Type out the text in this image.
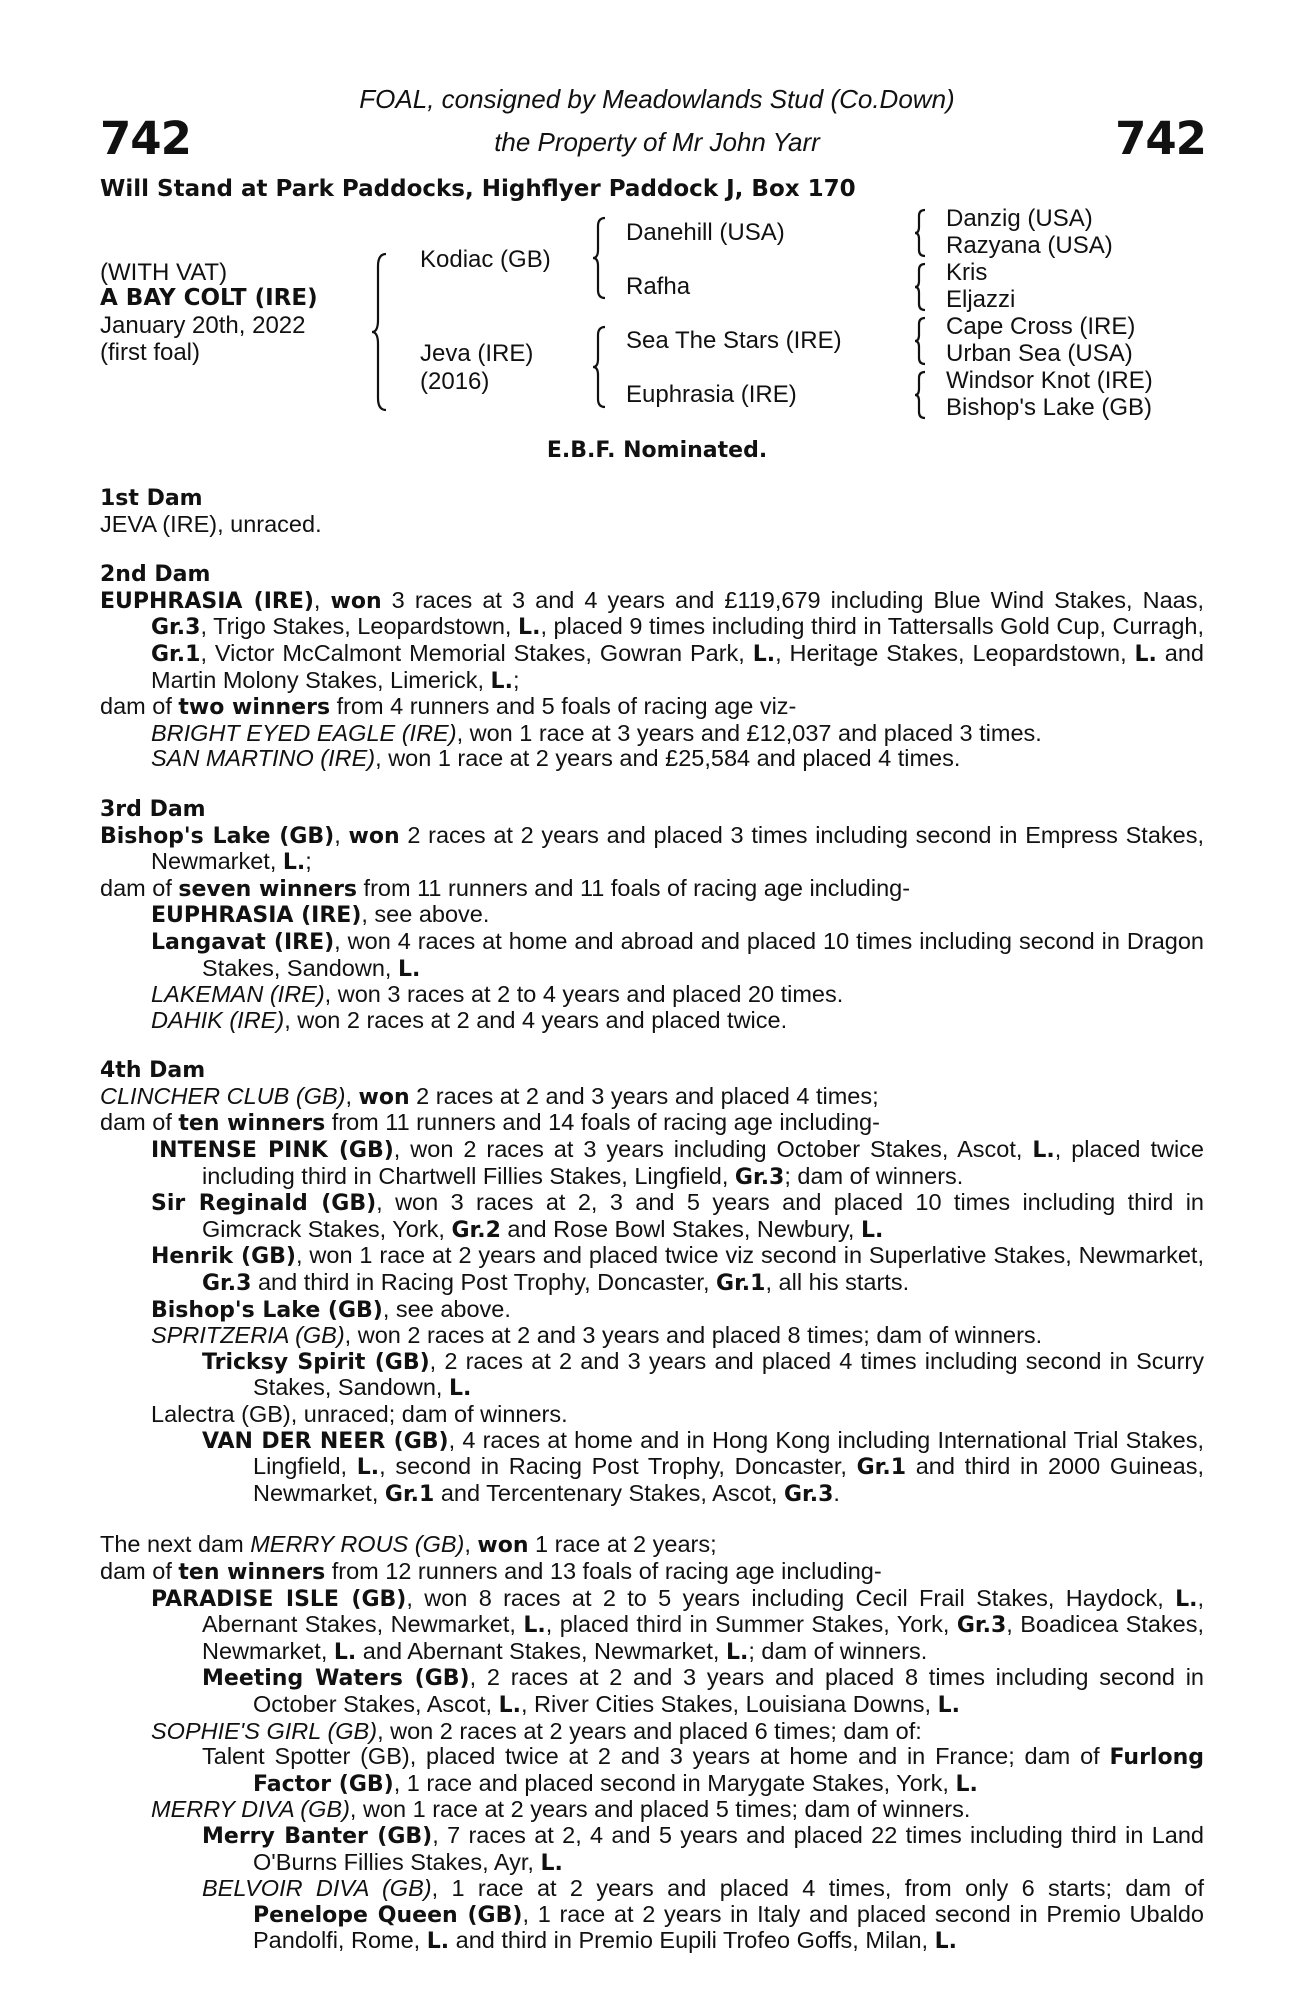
742	742
FOAL, consigned by Meadowlands Stud (Co.Down)
the Property of Mr John Yarr
Will Stand at Park Paddocks, Highflyer Paddock J, Box 170
(WITH VAT)
A BAY COLT (IRE)
January 20th, 2022
(first foal)
Kodiac (GB)
Jeva (IRE)
(2016)
Danehill (USA)
Rafha
Sea The Stars (IRE)
Euphrasia (IRE)
Danzig (USA)
Razyana (USA)
Kris
Eljazzi
Cape Cross (IRE)
Urban Sea (USA)
Windsor Knot (IRE)
Bishop's Lake (GB)
E.B.F. Nominated.

1st Dam

JEVA (IRE), unraced.

2nd Dam

EUPHRASIA (IRE), won 3 races at 3 and 4 years and £119,679 including Blue Wind Stakes, Naas, Gr.3, Trigo Stakes, Leopardstown, L., placed 9 times including third in Tattersalls Gold Cup, Curragh, Gr.1, Victor McCalmont Memorial Stakes, Gowran Park, L., Heritage Stakes, Leopardstown, L. and Martin Molony Stakes, Limerick, L.;

dam of two winners from 4 runners and 5 foals of racing age viz-

BRIGHT EYED EAGLE (IRE), won 1 race at 3 years and £12,037 and placed 3 times.

SAN MARTINO (IRE), won 1 race at 2 years and £25,584 and placed 4 times.

3rd Dam

Bishop's Lake (GB), won 2 races at 2 years and placed 3 times including second in Empress Stakes, Newmarket, L.;

dam of seven winners from 11 runners and 11 foals of racing age including-

EUPHRASIA (IRE), see above.

Langavat (IRE), won 4 races at home and abroad and placed 10 times including second in Dragon Stakes, Sandown, L.

LAKEMAN (IRE), won 3 races at 2 to 4 years and placed 20 times.

DAHIK (IRE), won 2 races at 2 and 4 years and placed twice.

4th Dam

CLINCHER CLUB (GB), won 2 races at 2 and 3 years and placed 4 times;

dam of ten winners from 11 runners and 14 foals of racing age including-

INTENSE PINK (GB), won 2 races at 3 years including October Stakes, Ascot, L., placed twice including third in Chartwell Fillies Stakes, Lingfield, Gr.3; dam of winners.

Sir Reginald (GB), won 3 races at 2, 3 and 5 years and placed 10 times including third in Gimcrack Stakes, York, Gr.2 and Rose Bowl Stakes, Newbury, L.

Henrik (GB), won 1 race at 2 years and placed twice viz second in Superlative Stakes, Newmarket, Gr.3 and third in Racing Post Trophy, Doncaster, Gr.1, all his starts.

Bishop's Lake (GB), see above.

SPRITZERIA (GB), won 2 races at 2 and 3 years and placed 8 times; dam of winners.

Tricksy Spirit (GB), 2 races at 2 and 3 years and placed 4 times including second in Scurry Stakes, Sandown, L.

Lalectra (GB), unraced; dam of winners.

VAN DER NEER (GB), 4 races at home and in Hong Kong including International Trial Stakes, Lingfield, L., second in Racing Post Trophy, Doncaster, Gr.1 and third in 2000 Guineas, Newmarket, Gr.1 and Tercentenary Stakes, Ascot, Gr.3.

The next dam MERRY ROUS (GB), won 1 race at 2 years;

dam of ten winners from 12 runners and 13 foals of racing age including-

PARADISE ISLE (GB), won 8 races at 2 to 5 years including Cecil Frail Stakes, Haydock, L., Abernant Stakes, Newmarket, L., placed third in Summer Stakes, York, Gr.3, Boadicea Stakes, Newmarket, L. and Abernant Stakes, Newmarket, L.; dam of winners.

Meeting Waters (GB), 2 races at 2 and 3 years and placed 8 times including second in October Stakes, Ascot, L., River Cities Stakes, Louisiana Downs, L.

SOPHIE'S GIRL (GB), won 2 races at 2 years and placed 6 times; dam of:

Talent Spotter (GB), placed twice at 2 and 3 years at home and in France; dam of Furlong Factor (GB), 1 race and placed second in Marygate Stakes, York, L.

MERRY DIVA (GB), won 1 race at 2 years and placed 5 times; dam of winners.

Merry Banter (GB), 7 races at 2, 4 and 5 years and placed 22 times including third in Land O'Burns Fillies Stakes, Ayr, L.

BELVOIR DIVA (GB), 1 race at 2 years and placed 4 times, from only 6 starts; dam of Penelope Queen (GB), 1 race at 2 years in Italy and placed second in Premio Ubaldo Pandolfi, Rome, L. and third in Premio Eupili Trofeo Goffs, Milan, L.
